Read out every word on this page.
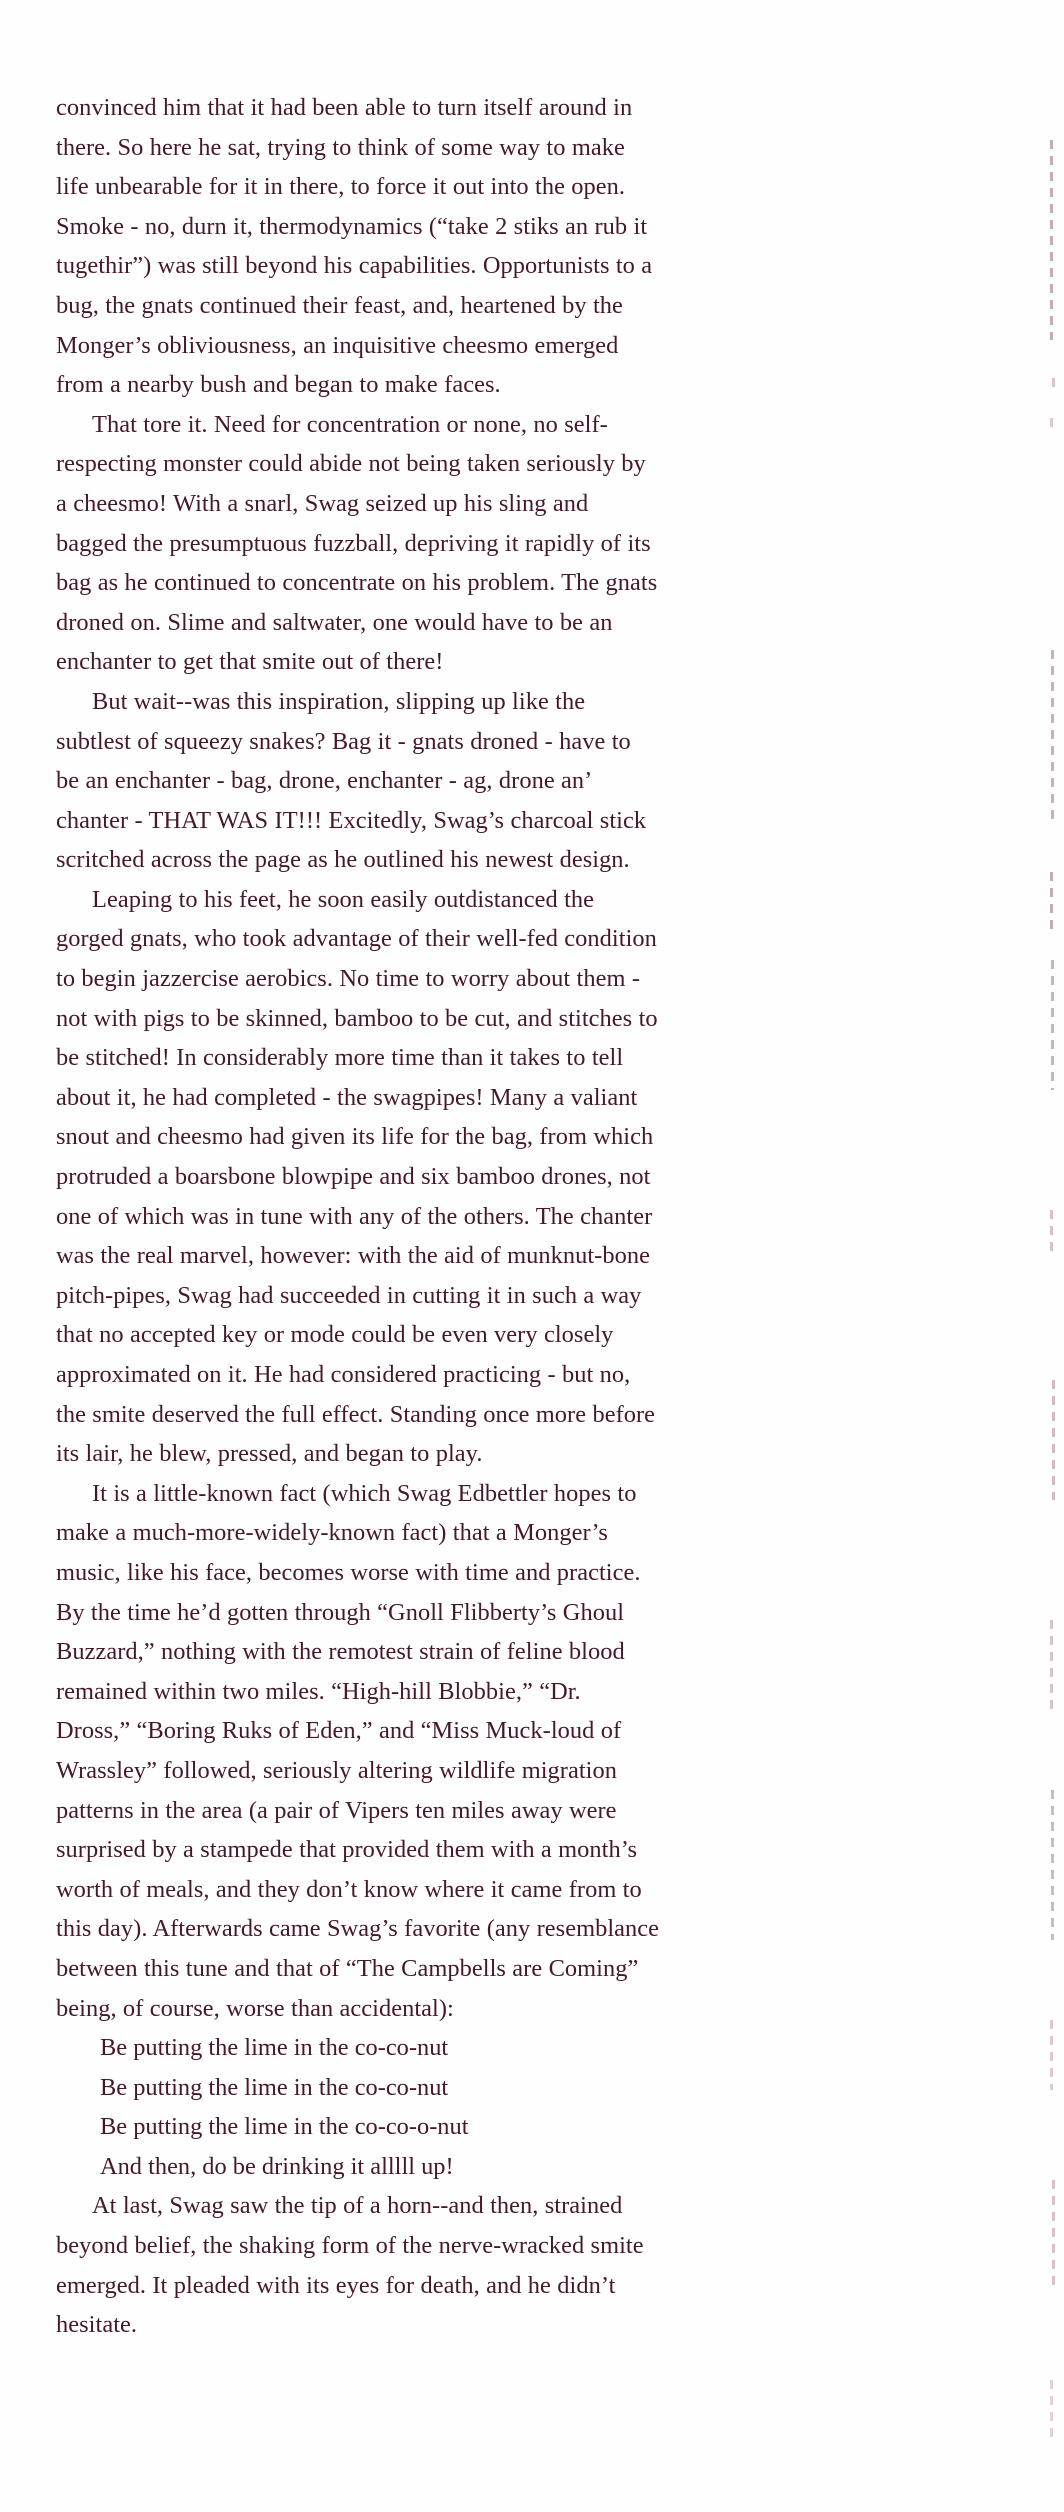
convinced him that it had been able to turn itself around in there. So here he sat, trying to think of some way to make life unbearable for it in there, to force it out into the open. Smoke - no, durn it, thermodynamics (“take 2 stiks an rub it tugethir”) was still beyond his capabilities. Opportunists to a bug, the gnats continued their feast, and, heartened by the Monger’s obliviousness, an inquisitive cheesmo emerged from a nearby bush and began to make faces.

That tore it. Need for concentration or none, no self-respecting monster could abide not being taken seriously by a cheesmo! With a snarl, Swag seized up his sling and bagged the presumptuous fuzzball, depriving it rapidly of its bag as he continued to concentrate on his problem. The gnats droned on. Slime and saltwater, one would have to be an enchanter to get that smite out of there!

But wait--was this inspiration, slipping up like the subtlest of squeezy snakes? Bag it - gnats droned - have to be an enchanter - bag, drone, enchanter - ag, drone an’ chanter - THAT WAS IT!!! Excitedly, Swag’s charcoal stick scritched across the page as he outlined his newest design.

Leaping to his feet, he soon easily outdistanced the gorged gnats, who took advantage of their well-fed condition to begin jazzercise aerobics. No time to worry about them - not with pigs to be skinned, bamboo to be cut, and stitches to be stitched! In considerably more time than it takes to tell about it, he had completed - the swagpipes! Many a valiant snout and cheesmo had given its life for the bag, from which protruded a boarsbone blowpipe and six bamboo drones, not one of which was in tune with any of the others. The chanter was the real marvel, however: with the aid of munknut-bone pitch-pipes, Swag had succeeded in cutting it in such a way that no accepted key or mode could be even very closely approximated on it. He had considered practicing - but no, the smite deserved the full effect. Standing once more before its lair, he blew, pressed, and began to play.

It is a little-known fact (which Swag Edbettler hopes to make a much-more-widely-known fact) that a Monger’s music, like his face, becomes worse with time and practice. By the time he’d gotten through “Gnoll Flibberty’s Ghoul Buzzard,” nothing with the remotest strain of feline blood remained within two miles. “High-hill Blobbie,” “Dr. Dross,” “Boring Ruks of Eden,” and “Miss Muck-loud of Wrassley” followed, seriously altering wildlife migration patterns in the area (a pair of Vipers ten miles away were surprised by a stampede that provided them with a month’s worth of meals, and they don’t know where it came from to this day). Afterwards came Swag’s favorite (any resemblance between this tune and that of “The Campbells are Coming” being, of course, worse than accidental):

Be putting the lime in the co-co-nut

Be putting the lime in the co-co-nut

Be putting the lime in the co-co-o-nut

And then, do be drinking it alllll up!

At last, Swag saw the tip of a horn--and then, strained beyond belief, the shaking form of the nerve-wracked smite emerged. It pleaded with its eyes for death, and he didn’t hesitate.
